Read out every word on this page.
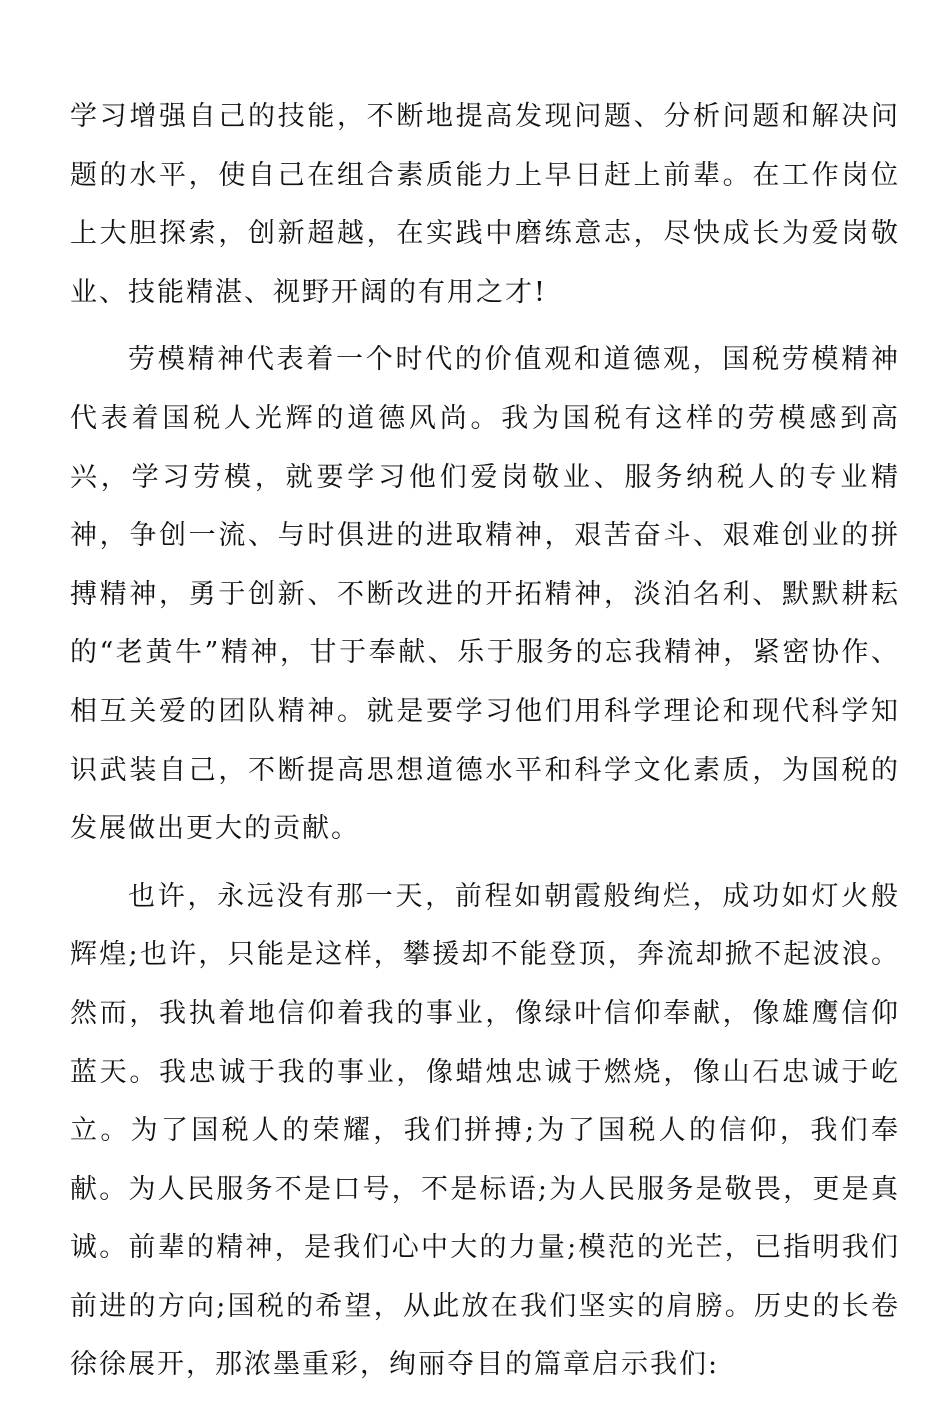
学习增强自己的技能，不断地提高发现问题、分析问题和解决问题的水平，使自己在组合素质能力上早日赶上前辈。在工作岗位上大胆探索，创新超越，在实践中磨练意志，尽快成长为爱岗敬业、技能精湛、视野开阔的有用之才!

劳模精神代表着一个时代的价值观和道德观，国税劳模精神代表着国税人光辉的道德风尚。我为国税有这样的劳模感到高兴，学习劳模，就要学习他们爱岗敬业、服务纳税人的专业精神，争创一流、与时俱进的进取精神，艰苦奋斗、艰难创业的拼搏精神，勇于创新、不断改进的开拓精神，淡泊名利、默默耕耘的“老黄牛”精神，甘于奉献、乐于服务的忘我精神，紧密协作、相互关爱的团队精神。就是要学习他们用科学理论和现代科学知识武装自己，不断提高思想道德水平和科学文化素质，为国税的发展做出更大的贡献。

也许，永远没有那一天，前程如朝霞般绚烂，成功如灯火般辉煌;也许，只能是这样，攀援却不能登顶，奔流却掀不起波浪。然而，我执着地信仰着我的事业，像绿叶信仰奉献，像雄鹰信仰蓝天。我忠诚于我的事业，像蜡烛忠诚于燃烧，像山石忠诚于屹立。为了国税人的荣耀，我们拼搏;为了国税人的信仰，我们奉献。为人民服务不是口号，不是标语;为人民服务是敬畏，更是真诚。前辈的精神，是我们心中大的力量;模范的光芒，已指明我们前进的方向;国税的希望，从此放在我们坚实的肩膀。历史的长卷徐徐展开，那浓墨重彩，绚丽夺目的篇章启示我们:
